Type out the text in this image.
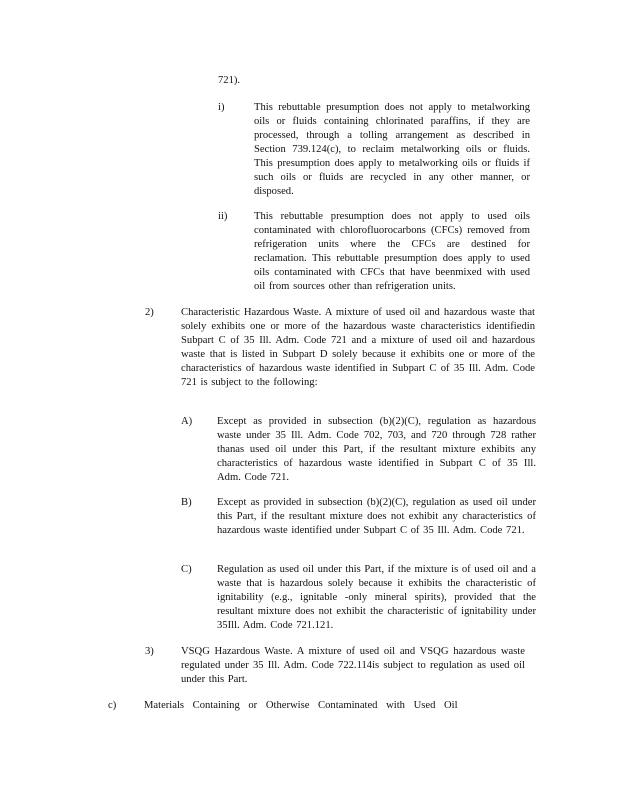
721).
i)	This rebuttable presumption does not apply to metalworking oils or fluids containing chlorinated paraffins, if they are processed, through a tolling arrangement as described in Section 739.124(c), to reclaim metalworking oils or fluids. This presumption does apply to metalworking oils or fluids if such oils or fluids are recycled in any other manner, or disposed.
ii)	This rebuttable presumption does not apply to used oils contaminated with chlorofluorocarbons (CFCs) removed from refrigeration units where the CFCs are destined for reclamation. This rebuttable presumption does apply to used oils contaminated with CFCs that have beenmixed with used oil from sources other than refrigeration units.
2)	Characteristic Hazardous Waste. A mixture of used oil and hazardous waste that solely exhibits one or more of the hazardous waste characteristics identifiedin Subpart C of 35 Ill. Adm. Code 721 and a mixture of used oil and hazardous waste that is listed in Subpart D solely because it exhibits one or more of the characteristics of hazardous waste identified in Subpart C of 35 Ill. Adm. Code 721 is subject to the following:
A) Except as provided in subsection (b)(2)(C), regulation as hazardous waste under 35 Ill. Adm. Code 702, 703, and 720 through 728 rather thanas used oil under this Part, if the resultant mixture exhibits any characteristics of hazardous waste identified in Subpart C of 35 Ill. Adm. Code 721.
B) Except as provided in subsection (b)(2)(C), regulation as used oil under this Part, if the resultant mixture does not exhibit any characteristics of hazardous waste identified under Subpart C of 35 Ill. Adm. Code 721.
C) Regulation as used oil under this Part, if the mixture is of used oil and a waste that is hazardous solely because it exhibits the characteristic of ignitability (e.g., ignitable -only mineral spirits), provided that the resultant mixture does not exhibit the characteristic of ignitability under 35Ill. Adm. Code 721.121.
3)	VSQG Hazardous Waste. A mixture of used oil and VSQG hazardous waste regulated under 35 Ill. Adm. Code 722.114is subject to regulation as used oil under this Part.
c)	Materials Containing or Otherwise Contaminated with Used Oil
